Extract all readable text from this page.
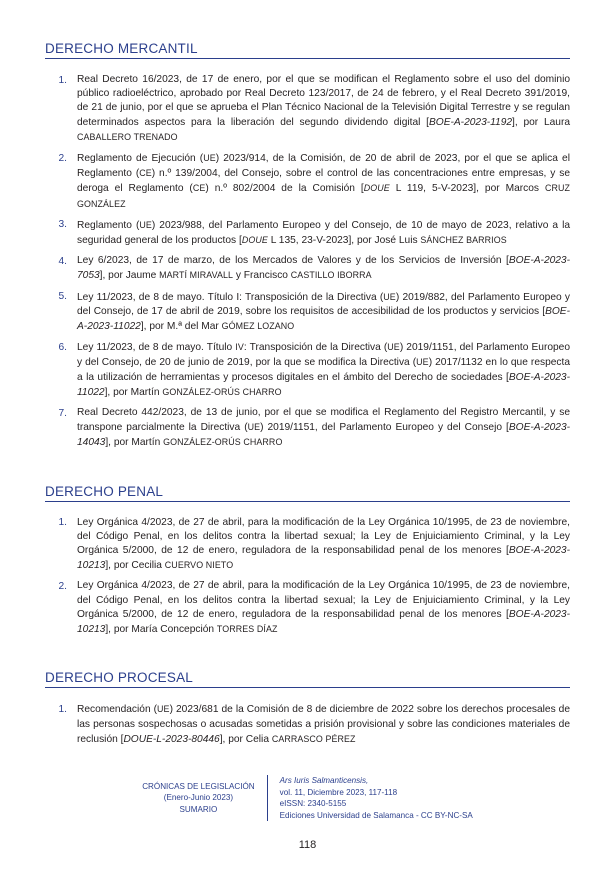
DERECHO MERCANTIL
1. Real Decreto 16/2023, de 17 de enero, por el que se modifican el Reglamento sobre el uso del dominio público radioeléctrico, aprobado por Real Decreto 123/2017, de 24 de febrero, y el Real Decreto 391/2019, de 21 de junio, por el que se aprueba el Plan Técnico Nacional de la Televisión Digital Terrestre y se regulan determinados aspectos para la liberación del segundo dividendo digital [BOE-A-2023-1192], por Laura CABALLERO TRENADO
2. Reglamento de Ejecución (UE) 2023/914, de la Comisión, de 20 de abril de 2023, por el que se aplica el Reglamento (CE) n.º 139/2004, del Consejo, sobre el control de las concentraciones entre empresas, y se deroga el Reglamento (CE) n.º 802/2004 de la Comisión [DOUE L 119, 5-V-2023], por Marcos CRUZ GONZÁLEZ
3. Reglamento (UE) 2023/988, del Parlamento Europeo y del Consejo, de 10 de mayo de 2023, relativo a la seguridad general de los productos [DOUE L 135, 23-V-2023], por José Luis SÁNCHEZ BARRIOS
4. Ley 6/2023, de 17 de marzo, de los Mercados de Valores y de los Servicios de Inversión [BOE-A-2023-7053], por Jaume MARTÍ MIRAVALL y Francisco CASTILLO IBORRA
5. Ley 11/2023, de 8 de mayo. Título I: Transposición de la Directiva (UE) 2019/882, del Parlamento Europeo y del Consejo, de 17 de abril de 2019, sobre los requisitos de accesibilidad de los productos y servicios [BOE-A-2023-11022], por M.ª del Mar GÓMEZ LOZANO
6. Ley 11/2023, de 8 de mayo. Título IV: Transposición de la Directiva (UE) 2019/1151, del Parlamento Europeo y del Consejo, de 20 de junio de 2019, por la que se modifica la Directiva (UE) 2017/1132 en lo que respecta a la utilización de herramientas y procesos digitales en el ámbito del Derecho de sociedades [BOE-A-2023-11022], por Martín GONZÁLEZ-ORÚS CHARRO
7. Real Decreto 442/2023, de 13 de junio, por el que se modifica el Reglamento del Registro Mercantil, y se transpone parcialmente la Directiva (UE) 2019/1151, del Parlamento Europeo y del Consejo [BOE-A-2023-14043], por Martín GONZÁLEZ-ORÚS CHARRO
DERECHO PENAL
1. Ley Orgánica 4/2023, de 27 de abril, para la modificación de la Ley Orgánica 10/1995, de 23 de noviembre, del Código Penal, en los delitos contra la libertad sexual; la Ley de Enjuiciamiento Criminal, y la Ley Orgánica 5/2000, de 12 de enero, reguladora de la responsabilidad penal de los menores [BOE-A-2023-10213], por Cecilia CUERVO NIETO
2. Ley Orgánica 4/2023, de 27 de abril, para la modificación de la Ley Orgánica 10/1995, de 23 de noviembre, del Código Penal, en los delitos contra la libertad sexual; la Ley de Enjuiciamiento Criminal, y la Ley Orgánica 5/2000, de 12 de enero, reguladora de la responsabilidad penal de los menores [BOE-A-2023-10213], por María Concepción TORRES DÍAZ
DERECHO PROCESAL
1. Recomendación (UE) 2023/681 de la Comisión de 8 de diciembre de 2022 sobre los derechos procesales de las personas sospechosas o acusadas sometidas a prisión provisional y sobre las condiciones materiales de reclusión [DOUE-L-2023-80446], por Celia CARRASCO PÉREZ
CRÓNICAS DE LEGISLACIÓN
(Enero-Junio 2023)
SUMARIO
Ars Iuris Salmanticensis,
vol. 11, Diciembre 2023, 117-118
eISSN: 2340-5155
Ediciones Universidad de Salamanca - CC BY-NC-SA
118
